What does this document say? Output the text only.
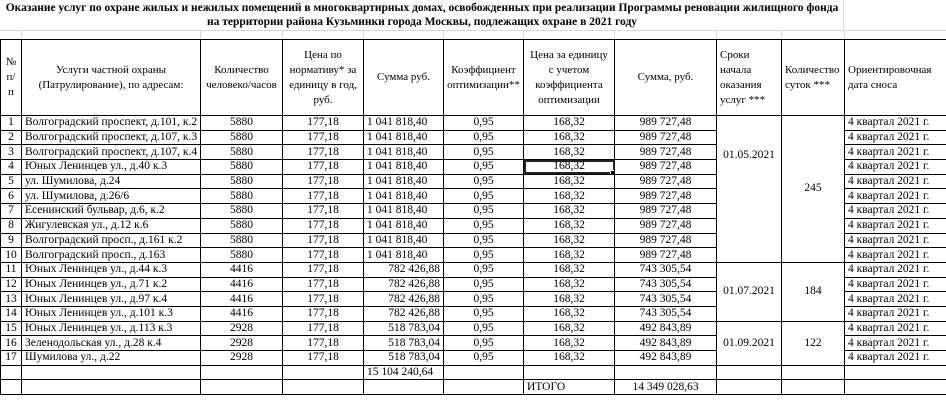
Оказание услуг по охране жилых и нежилых помещений в многоквартирных домах, освобожденных при реализации Программы реновации жилищного фонда
на территории района Кузьминки города Москвы, подлежащих охране в 2021 году
№ п/п	Услуги частной охраны (Патрулирование), по адресам:	Количество человеко/часов	Цена по нормативу* за единицу в год, руб.	Сумма руб.	Коэффициент оптимизации**	Цена за единицу с учетом коэффициента оптимизации	Сумма, руб.	Сроки начала оказания услуг ***	Количество суток ***	Ориентировочная дата сноса
1	Волгоградский проспект, д.101, к.2	5880	177,18	1 041 818,40	0,95	168,32	989 727,48	01.05.2021	245	4 квартал 2021 г.
2	Волгоградский проспект, д.107, к.3	5880	177,18	1 041 818,40	0,95	168,32	989 727,48			4 квартал 2021 г.
3	Волгоградский проспект, д.107, к.4	5880	177,18	1 041 818,40	0,95	168,32	989 727,48			4 квартал 2021 г.
4	Юных Ленинцев ул., д.40 к.3	5880	177,18	1 041 818,40	0,95	168,32	989 727,48			4 квартал 2021 г.
5	ул. Шумилова, д.24	5880	177,18	1 041 818,40	0,95	168,32	989 727,48			4 квартал 2021 г.
6	ул. Шумилова, д.26/6	5880	177,18	1 041 818,40	0,95	168,32	989 727,48			4 квартал 2021 г.
7	Есенинский бульвар, д.6, к.2	5880	177,18	1 041 818,40	0,95	168,32	989 727,48			4 квартал 2021 г.
8	Жигулевская ул., д.12 к.6	5880	177,18	1 041 818,40	0,95	168,32	989 727,48			4 квартал 2021 г.
9	Волгоградский просп., д.161 к.2	5880	177,18	1 041 818,40	0,95	168,32	989 727,48			4 квартал 2021 г.
10	Волгоградский просп., д.163	5880	177,18	1 041 818,40	0,95	168,32	989 727,48			4 квартал 2021 г.
11	Юных Ленинцев ул., д.44 к.3	4416	177,18	782 426,88	0,95	168,32	743 305,54	01.07.2021	184	4 квартал 2021 г.
12	Юных Ленинцев ул., д.71 к.2	4416	177,18	782 426,88	0,95	168,32	743 305,54			4 квартал 2021 г.
13	Юных Ленинцев ул., д.97 к.4	4416	177,18	782 426,88	0,95	168,32	743 305,54			4 квартал 2021 г.
14	Юных Ленинцев ул., д.101 к.3	4416	177,18	782 426,88	0,95	168,32	743 305,54			4 квартал 2021 г.
15	Юных Ленинцев ул., д.113 к.3	2928	177,18	518 783,04	0,95	168,32	492 843,89	01.09.2021	122	4 квартал 2021 г.
16	Зеленодольская ул., д.28 к.4	2928	177,18	518 783,04	0,95	168,32	492 843,89			4 квартал 2021 г.
17	Шумилова ул., д.22	2928	177,18	518 783,04	0,95	168,32	492 843,89			4 квартал 2021 г.
				15 104 240,64						
						ИТОГО	14 349 028,63			
